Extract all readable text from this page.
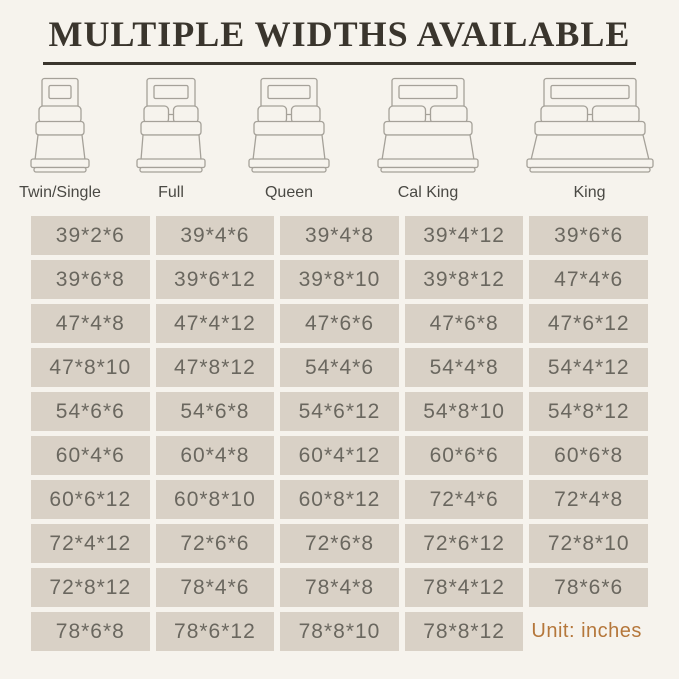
MULTIPLE WIDTHS AVAILABLE
Twin/Single	Full	Queen	Cal King	King
39*2*6	39*4*6	39*4*8	39*4*12	39*6*6
39*6*8	39*6*12	39*8*10	39*8*12	47*4*6
47*4*8	47*4*12	47*6*6	47*6*8	47*6*12
47*8*10	47*8*12	54*4*6	54*4*8	54*4*12
54*6*6	54*6*8	54*6*12	54*8*10	54*8*12
60*4*6	60*4*8	60*4*12	60*6*6	60*6*8
60*6*12	60*8*10	60*8*12	72*4*6	72*4*8
72*4*12	72*6*6	72*6*8	72*6*12	72*8*10
72*8*12	78*4*6	78*4*8	78*4*12	78*6*6
78*6*8	78*6*12	78*8*10	78*8*12	Unit: inches
